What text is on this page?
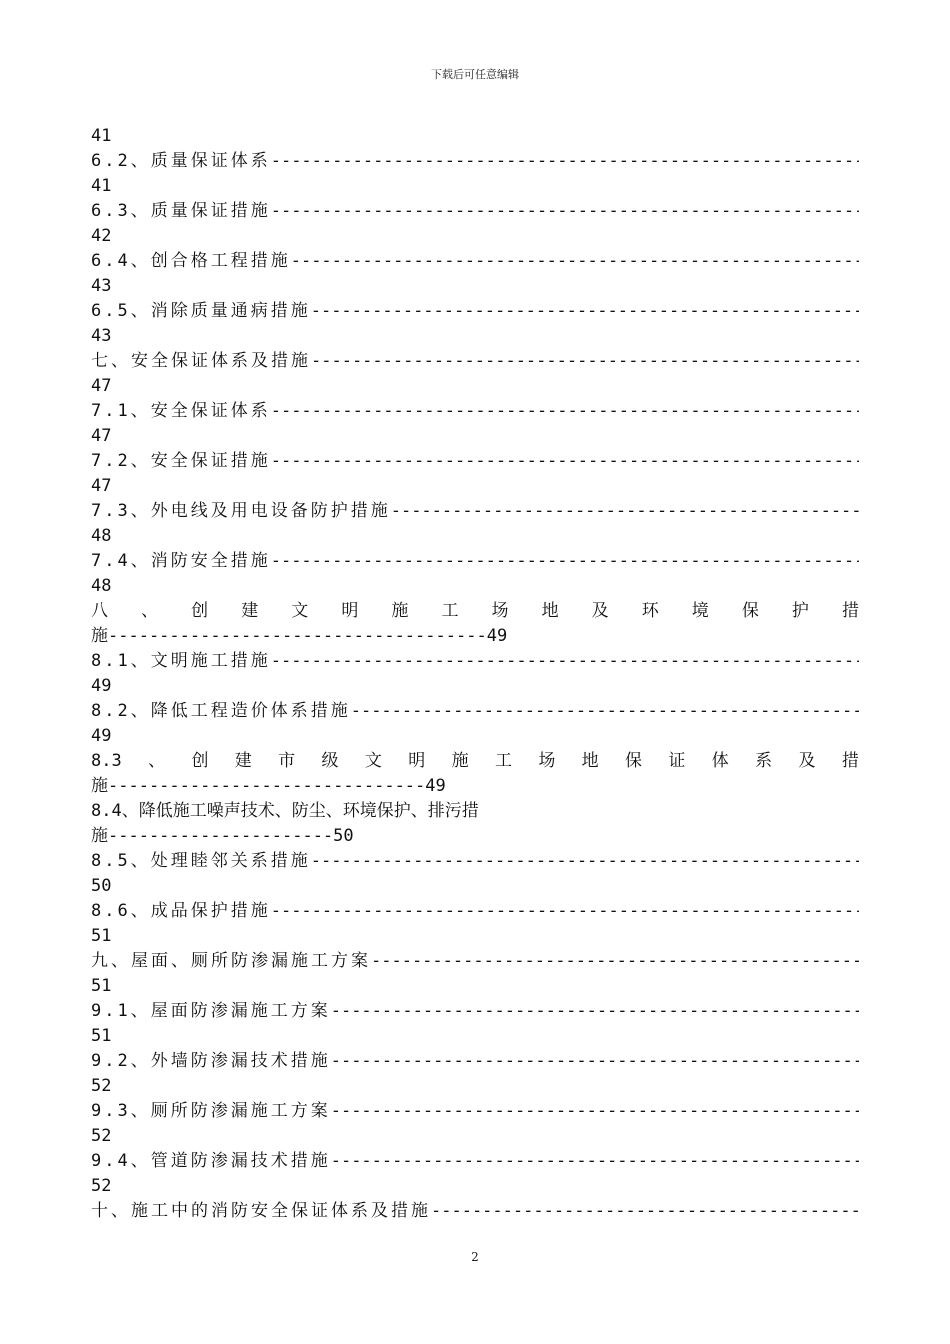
下载后可任意编辑
41
6.2、质量保证体系
-----
41
6.3、质量保证措施
-----
42
6.4、创合格工程措施
-----
43
6.5、消除质量通病措施
-----
43
七、安全保证体系及措施
-----
47
7.1、安全保证体系
-----
47
7.2、安全保证措施
-----
47
7.3、外电线及用电设备防护措施
-----
48
7.4、消防安全措施
-----
48
八 、 创 建 文 明 施 工 场 地 及 环 境 保 护 措
施 ------------------------------------- 49
8.1、文明施工措施
-----
49
8.2、降低工程造价体系措施
-----
49
8.3 、 创 建 市 级 文 明 施 工 场 地 保 证 体 系 及 措
施 ------------------------------- 49
8.4、降低施工噪声技术、防尘、环境保护、排污措
施 ---------------------- 50
8.5、处理睦邻关系措施
-----
50
8.6、成品保护措施
-----
51
九、屋面、厕所防渗漏施工方案
-----
51
9.1、屋面防渗漏施工方案
-----
51
9.2、外墙防渗漏技术措施
-----
52
9.3、厕所防渗漏施工方案
-----
52
9.4、管道防渗漏技术措施
-----
52
十、施工中的消防安全保证体系及措施
-----
2
